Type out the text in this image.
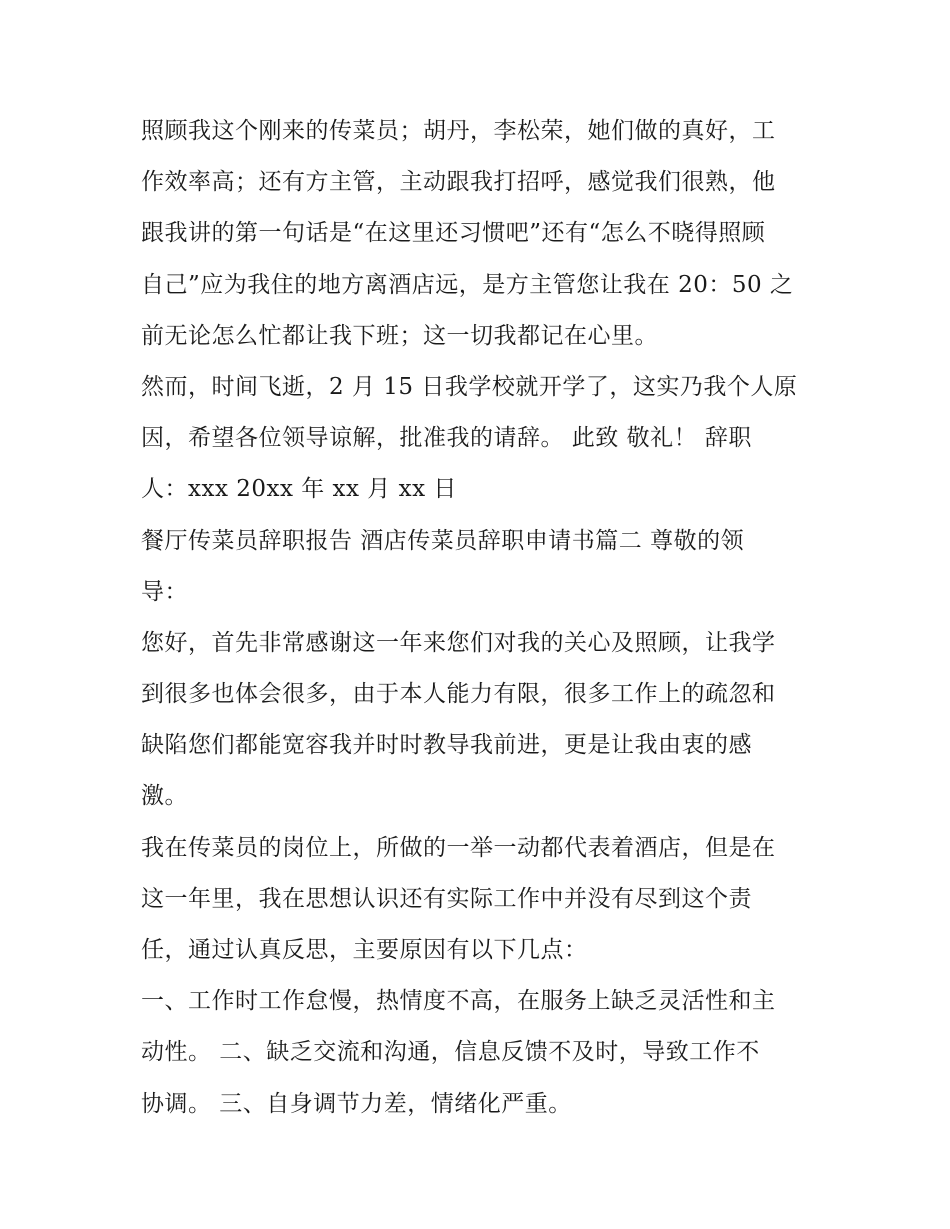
照顾我这个刚来的传菜员；胡丹，李松荣，她们做的真好，工
作效率高；还有方主管，主动跟我打招呼，感觉我们很熟，他
跟我讲的第一句话是“在这里还习惯吧”还有“怎么不晓得照顾
自己”应为我住的地方离酒店远，是方主管您让我在 20：50 之
前无论怎么忙都让我下班；这一切我都记在心里。
然而，时间飞逝，2 月 15 日我学校就开学了，这实乃我个人原
因，希望各位领导谅解，批准我的请辞。 此致 敬礼！ 辞职
人：xxx 20xx 年 xx 月 xx 日
餐厅传菜员辞职报告 酒店传菜员辞职申请书篇二 尊敬的领
导：
您好，首先非常感谢这一年来您们对我的关心及照顾，让我学
到很多也体会很多，由于本人能力有限，很多工作上的疏忽和
缺陷您们都能宽容我并时时教导我前进，更是让我由衷的感
激。
我在传菜员的岗位上，所做的一举一动都代表着酒店，但是在
这一年里，我在思想认识还有实际工作中并没有尽到这个责
任，通过认真反思，主要原因有以下几点：
一、工作时工作怠慢，热情度不高，在服务上缺乏灵活性和主
动性。 二、缺乏交流和沟通，信息反馈不及时，导致工作不
协调。 三、自身调节力差，情绪化严重。
